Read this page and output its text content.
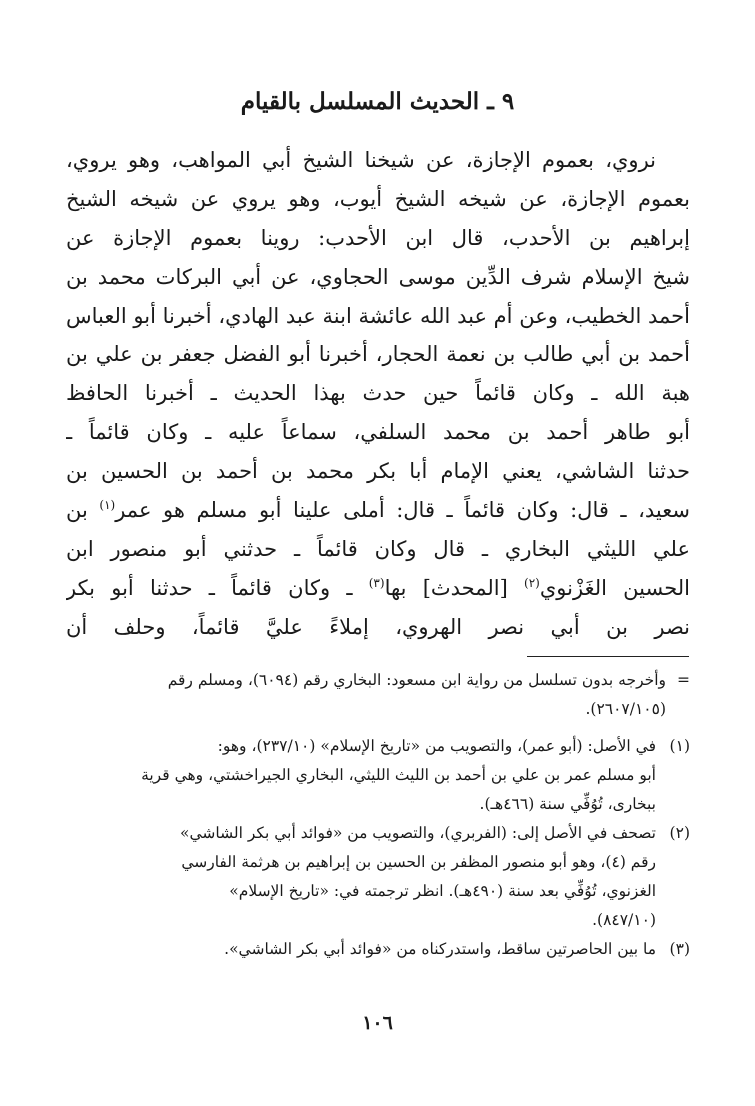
٩ ـ الحديث المسلسل بالقيام
نروي، بعموم الإجازة، عن شيخنا الشيخ أبي المواهب، وهو يروي،
بعموم الإجازة، عن شيخه الشيخ أيوب، وهو يروي عن شيخه الشيخ
إبراهيم بن الأحدب، قال ابن الأحدب: روينا بعموم الإجازة عن
شيخ الإسلام شرف الدِّين موسى الحجاوي، عن أبي البركات محمد بن
أحمد الخطيب، وعن أم عبد الله عائشة ابنة عبد الهادي، أخبرنا أبو العباس
أحمد بن أبي طالب بن نعمة الحجار، أخبرنا أبو الفضل جعفر بن علي بن
هبة الله ـ وكان قائماً حين حدث بهذا الحديث ـ أخبرنا الحافظ
أبو طاهر أحمد بن محمد السلفي، سماعاً عليه ـ وكان قائماً ـ
حدثنا الشاشي، يعني الإمام أبا بكر محمد بن أحمد بن الحسين بن
سعيد، ـ قال: وكان قائماً ـ قال: أملى علينا أبو مسلم هو عمر$^{(١)}$ بن
علي الليثي البخاري ـ قال وكان قائماً ـ حدثني أبو منصور ابن
الحسين الغَزْنوي$^{(٢)}$ [المحدث] بها$^{(٣)}$ ـ وكان قائماً ـ حدثنا أبو بكر
نصر بن أبي نصر الهروي، إملاءً عليَّ قائماً، وحلف أن
=وأخرجه بدون تسلسل من رواية ابن مسعود: البخاري رقم (٦٠٩٤)، ومسلم رقم
(٢٦٠٧/١٠٥).
(١)في الأصل: (أبو عمر)، والتصويب من «تاريخ الإسلام» (٢٣٧/١٠)، وهو:
أبو مسلم عمر بن علي بن أحمد بن الليث الليثي، البخاري الجيراخشتي، وهي قرية
ببخارى، تُوُفِّي سنة (٤٦٦هـ).
(٢)تصحف في الأصل إلى: (الفربري)، والتصويب من «فوائد أبي بكر الشاشي»
رقم (٤)، وهو أبو منصور المظفر بن الحسين بن إبراهيم بن هرثمة الفارسي
الغزنوي، تُوُفِّي بعد سنة (٤٩٠هـ). انظر ترجمته في: «تاريخ الإسلام»
(٨٤٧/١٠).
(٣)ما بين الحاصرتين ساقط، واستدركناه من «فوائد أبي بكر الشاشي».
١٠٦
